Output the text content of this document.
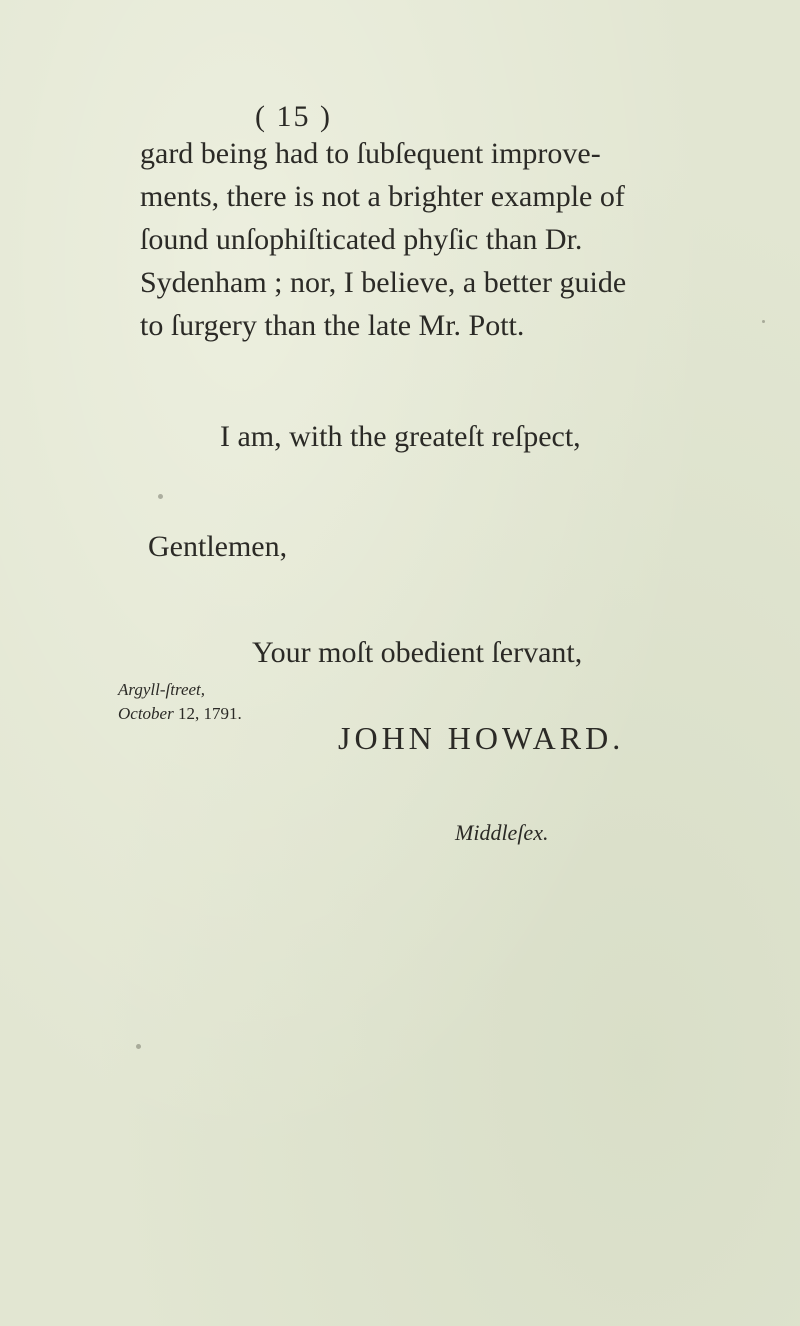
( 15 )
gard being had to ſubſequent improve-
ments, there is not a brighter example of
ſound unſophiſticated phyſic than Dr.
Sydenham ; nor, I believe, a better guide
to ſurgery than the late Mr. Pott.
I am, with the greateſt reſpect,
Gentlemen,
Your moſt obedient ſervant,
Argyll-ſtreet,
October 12, 1791.
JOHN HOWARD.
Middleſex.
